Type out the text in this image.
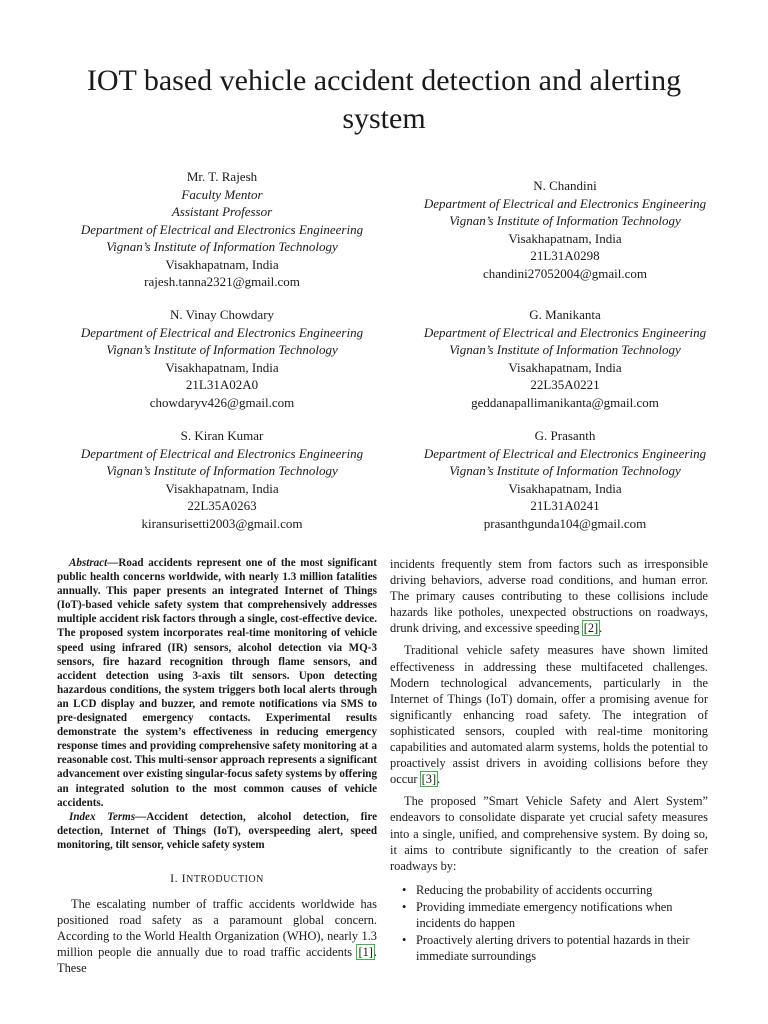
IOT based vehicle accident detection and alerting system
Mr. T. Rajesh
Faculty Mentor
Assistant Professor
Department of Electrical and Electronics Engineering
Vignan’s Institute of Information Technology
Visakhapatnam, India
rajesh.tanna2321@gmail.com
N. Chandini
Department of Electrical and Electronics Engineering
Vignan’s Institute of Information Technology
Visakhapatnam, India
21L31A0298
chandini27052004@gmail.com
N. Vinay Chowdary
Department of Electrical and Electronics Engineering
Vignan’s Institute of Information Technology
Visakhapatnam, India
21L31A02A0
chowdaryv426@gmail.com
G. Manikanta
Department of Electrical and Electronics Engineering
Vignan’s Institute of Information Technology
Visakhapatnam, India
22L35A0221
geddanapallimanikanta@gmail.com
S. Kiran Kumar
Department of Electrical and Electronics Engineering
Vignan’s Institute of Information Technology
Visakhapatnam, India
22L35A0263
kiransurisetti2003@gmail.com
G. Prasanth
Department of Electrical and Electronics Engineering
Vignan’s Institute of Information Technology
Visakhapatnam, India
21L31A0241
prasanthgunda104@gmail.com

Abstract—Road accidents represent one of the most significant public health concerns worldwide, with nearly 1.3 million fatalities annually. This paper presents an integrated Internet of Things (IoT)-based vehicle safety system that comprehensively addresses multiple accident risk factors through a single, cost-effective device. The proposed system incorporates real-time monitoring of vehicle speed using infrared (IR) sensors, alcohol detection via MQ-3 sensors, fire hazard recognition through flame sensors, and accident detection using 3-axis tilt sensors. Upon detecting hazardous conditions, the system triggers both local alerts through an LCD display and buzzer, and remote notifications via SMS to pre-designated emergency contacts. Experimental results demonstrate the system’s effectiveness in reducing emergency response times and providing comprehensive safety monitoring at a reasonable cost. This multi-sensor approach represents a significant advancement over existing singular-focus safety systems by offering an integrated solution to the most common causes of vehicle accidents.

Index Terms—Accident detection, alcohol detection, fire detection, Internet of Things (IoT), overspeeding alert, speed monitoring, tilt sensor, vehicle safety system

I. INTRODUCTION

The escalating number of traffic accidents worldwide has positioned road safety as a paramount global concern. According to the World Health Organization (WHO), nearly 1.3 million people die annually due to road traffic accidents [1]. These

incidents frequently stem from factors such as irresponsible driving behaviors, adverse road conditions, and human error. The primary causes contributing to these collisions include hazards like potholes, unexpected obstructions on roadways, drunk driving, and excessive speeding [2].

Traditional vehicle safety measures have shown limited effectiveness in addressing these multifaceted challenges. Modern technological advancements, particularly in the Internet of Things (IoT) domain, offer a promising avenue for significantly enhancing road safety. The integration of sophisticated sensors, coupled with real-time monitoring capabilities and automated alarm systems, holds the potential to proactively assist drivers in avoiding collisions before they occur [3].

The proposed ”Smart Vehicle Safety and Alert System” endeavors to consolidate disparate yet crucial safety measures into a single, unified, and comprehensive system. By doing so, it aims to contribute significantly to the creation of safer roadways by:

• Reducing the probability of accidents occurring
• Providing immediate emergency notifications when incidents do happen
• Proactively alerting drivers to potential hazards in their immediate surroundings
